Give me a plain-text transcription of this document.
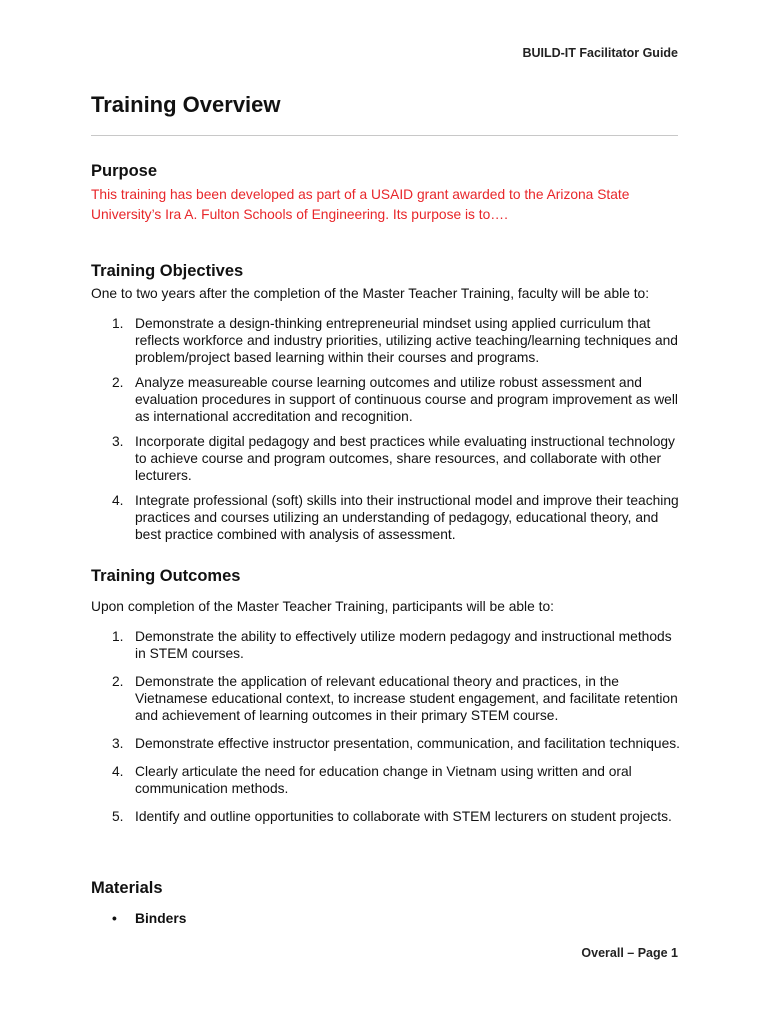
BUILD-IT Facilitator Guide
Training Overview
Purpose

This training has been developed as part of a USAID grant awarded to the Arizona State University’s Ira A. Fulton Schools of Engineering. Its purpose is to….

Training Objectives

One to two years after the completion of the Master Teacher Training, faculty will be able to:

1. Demonstrate a design-thinking entrepreneurial mindset using applied curriculum that reflects workforce and industry priorities, utilizing active teaching/learning techniques and problem/project based learning within their courses and programs.
2. Analyze measureable course learning outcomes and utilize robust assessment and evaluation procedures in support of continuous course and program improvement as well as international accreditation and recognition.
3. Incorporate digital pedagogy and best practices while evaluating instructional technology to achieve course and program outcomes, share resources, and collaborate with other lecturers.
4. Integrate professional (soft) skills into their instructional model and improve their teaching practices and courses utilizing an understanding of pedagogy, educational theory, and best practice combined with analysis of assessment.
Training Outcomes

Upon completion of the Master Teacher Training, participants will be able to:

1. Demonstrate the ability to effectively utilize modern pedagogy and instructional methods in STEM courses.
2. Demonstrate the application of relevant educational theory and practices, in the Vietnamese educational context, to increase student engagement, and facilitate retention and achievement of learning outcomes in their primary STEM course.
3. Demonstrate effective instructor presentation, communication, and facilitation techniques.
4. Clearly articulate the need for education change in Vietnam using written and oral communication methods.
5. Identify and outline opportunities to collaborate with STEM lecturers on student projects.
Materials
• Binders
Overall – Page 1
